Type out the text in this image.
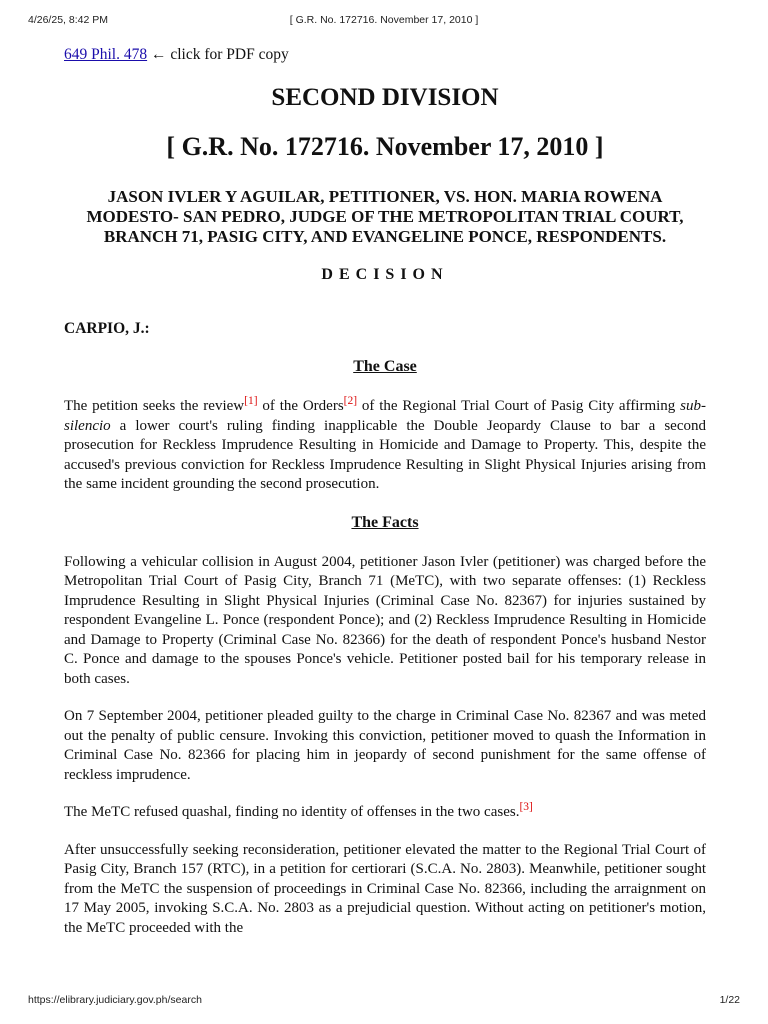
4/26/25, 8:42 PM	[ G.R. No. 172716. November 17, 2010 ]

649 Phil. 478 ← click for PDF copy

SECOND DIVISION
[ G.R. No. 172716. November 17, 2010 ]
JASON IVLER Y AGUILAR, PETITIONER, VS. HON. MARIA ROWENA MODESTO- SAN PEDRO, JUDGE OF THE METROPOLITAN TRIAL COURT, BRANCH 71, PASIG CITY, AND EVANGELINE PONCE, RESPONDENTS.
DECISION

CARPIO, J.:

The Case

The petition seeks the review[1] of the Orders[2] of the Regional Trial Court of Pasig City affirming sub-silencio a lower court's ruling finding inapplicable the Double Jeopardy Clause to bar a second prosecution for Reckless Imprudence Resulting in Homicide and Damage to Property. This, despite the accused's previous conviction for Reckless Imprudence Resulting in Slight Physical Injuries arising from the same incident grounding the second prosecution.

The Facts

Following a vehicular collision in August 2004, petitioner Jason Ivler (petitioner) was charged before the Metropolitan Trial Court of Pasig City, Branch 71 (MeTC), with two separate offenses: (1) Reckless Imprudence Resulting in Slight Physical Injuries (Criminal Case No. 82367) for injuries sustained by respondent Evangeline L. Ponce (respondent Ponce); and (2) Reckless Imprudence Resulting in Homicide and Damage to Property (Criminal Case No. 82366) for the death of respondent Ponce's husband Nestor C. Ponce and damage to the spouses Ponce's vehicle. Petitioner posted bail for his temporary release in both cases.

On 7 September 2004, petitioner pleaded guilty to the charge in Criminal Case No. 82367 and was meted out the penalty of public censure. Invoking this conviction, petitioner moved to quash the Information in Criminal Case No. 82366 for placing him in jeopardy of second punishment for the same offense of reckless imprudence.

The MeTC refused quashal, finding no identity of offenses in the two cases.[3]

After unsuccessfully seeking reconsideration, petitioner elevated the matter to the Regional Trial Court of Pasig City, Branch 157 (RTC), in a petition for certiorari (S.C.A. No. 2803). Meanwhile, petitioner sought from the MeTC the suspension of proceedings in Criminal Case No. 82366, including the arraignment on 17 May 2005, invoking S.C.A. No. 2803 as a prejudicial question. Without acting on petitioner's motion, the MeTC proceeded with the

https://elibrary.judiciary.gov.ph/search	1/22
